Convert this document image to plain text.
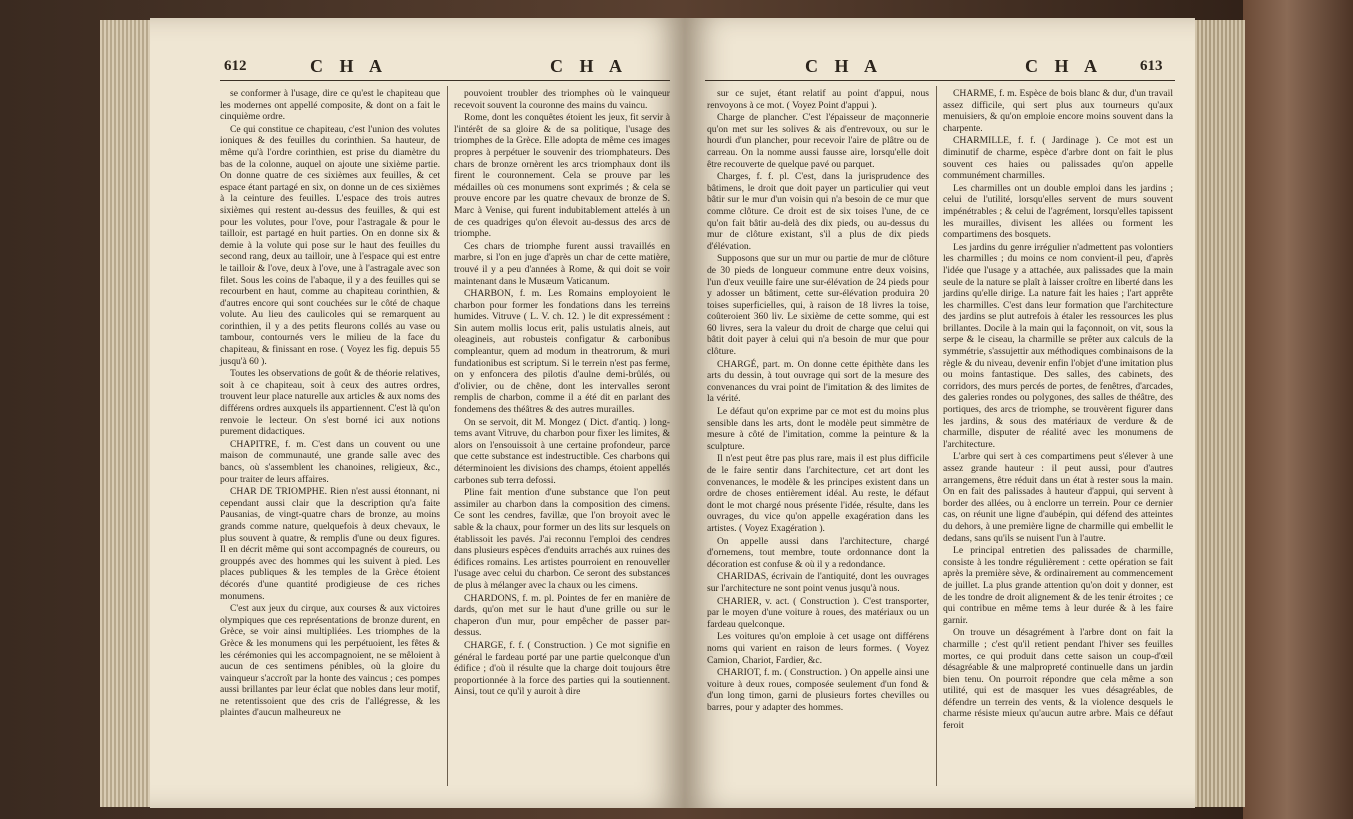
612	C H A	C H A

se conformer à l'usage, dire ce qu'est le chapiteau que les modernes ont appellé composite, & dont on a fait le cinquième ordre.

Ce qui constitue ce chapiteau, c'est l'union des volutes ioniques & des feuilles du corinthien. Sa hauteur, de même qu'à l'ordre corinthien, est prise du diamètre du bas de la colonne, auquel on ajoute une sixième partie. On donne quatre de ces sixièmes aux feuilles, & cet espace étant partagé en six, on donne un de ces sixièmes à la ceinture des feuilles. L'espace des trois autres sixièmes qui restent au-dessus des feuilles, & qui est pour les volutes, pour l'ove, pour l'astragale & pour le tailloir, est partagé en huit parties. On en donne six & demie à la volute qui pose sur le haut des feuilles du second rang, deux au tailloir, une à l'espace qui est entre le tailloir & l'ove, deux à l'ove, une à l'astragale avec son filet. Sous les coins de l'abaque, il y a des feuilles qui se recourbent en haut, comme au chapiteau corinthien, & d'autres encore qui sont couchées sur le côté de chaque volute. Au lieu des caulicoles qui se remarquent au corinthien, il y a des petits fleurons collés au vase ou tambour, contournés vers le milieu de la face du chapiteau, & finissant en rose. ( Voyez les fig. depuis 55 jusqu'à 60 ).

Toutes les observations de goût & de théorie relatives, soit à ce chapiteau, soit à ceux des autres ordres, trouvent leur place naturelle aux articles & aux noms des différens ordres auxquels ils appartiennent. C'est là qu'on renvoie le lecteur. On s'est borné ici aux notions purement didactiques.

CHAPITRE, f. m. C'est dans un couvent ou une maison de communauté, une grande salle avec des bancs, où s'assemblent les chanoines, religieux, &c., pour traiter de leurs affaires.

CHAR DE TRIOMPHE. Rien n'est aussi étonnant, ni cependant aussi clair que la description qu'a faite Pausanias, de vingt-quatre chars de bronze, au moins grands comme nature, quelquefois à deux chevaux, le plus souvent à quatre, & remplis d'une ou deux figures. Il en décrit même qui sont accompagnés de coureurs, ou grouppés avec des hommes qui les suivent à pied. Les places publiques & les temples de la Grèce étoient décorés d'une quantité prodigieuse de ces riches monumens.

C'est aux jeux du cirque, aux courses & aux victoires olympiques que ces représentations de bronze durent, en Grèce, se voir ainsi multipliées. Les triomphes de la Grèce & les monumens qui les perpétuoient, les fêtes & les cérémonies qui les accompagnoient, ne se mêloient à aucun de ces sentimens pénibles, où la gloire du vainqueur s'accroît par la honte des vaincus ; ces pompes aussi brillantes par leur éclat que nobles dans leur motif, ne retentissoient que des cris de l'allégresse, & les plaintes d'aucun malheureux ne

pouvoient troubler des triomphes où le vainqueur recevoit souvent la couronne des mains du vaincu.

Rome, dont les conquêtes étoient les jeux, fit servir à l'intérêt de sa gloire & de sa politique, l'usage des triomphes de la Grèce. Elle adopta de même ces images propres à perpétuer le souvenir des triomphateurs. Des chars de bronze ornèrent les arcs triomphaux dont ils firent le couronnement. Cela se prouve par les médailles où ces monumens sont exprimés ; & cela se prouve encore par les quatre chevaux de bronze de S. Marc à Venise, qui furent indubitablement attelés à un de ces quadriges qu'on élevoit au-dessus des arcs de triomphe.

Ces chars de triomphe furent aussi travaillés en marbre, si l'on en juge d'après un char de cette matière, trouvé il y a peu d'années à Rome, & qui doit se voir maintenant dans le Musæum Vaticanum.

CHARBON, f. m. Les Romains employoient le charbon pour former les fondations dans les terreins humides. Vitruve ( L. V. ch. 12. ) le dit expressément : Sin autem mollis locus erit, palis ustulatis alneis, aut oleagineis, aut robusteis configatur & carbonibus compleantur, quem ad modum in theatrorum, & muri fundationibus est scriptum. Si le terrein n'est pas ferme, on y enfoncera des pilotis d'aulne demi-brûlés, ou d'olivier, ou de chêne, dont les intervalles seront remplis de charbon, comme il a été dit en parlant des fondemens des théâtres & des autres murailles.

On se servoit, dit M. Mongez ( Dict. d'antiq. ) long-tems avant Vitruve, du charbon pour fixer les limites, & alors on l'ensouissoit à une certaine profondeur, parce que cette substance est indestructible. Ces charbons qui déterminoient les divisions des champs, étoient appellés carbones sub terra defossi.

Pline fait mention d'une substance que l'on peut assimiler au charbon dans la composition des cimens. Ce sont les cendres, favillæ, que l'on broyoit avec le sable & la chaux, pour former un des lits sur lesquels on établissoit les pavés. J'ai reconnu l'emploi des cendres dans plusieurs espèces d'enduits arrachés aux ruines des édifices romains. Les artistes pourroient en renouveller l'usage avec celui du charbon. Ce seront des substances de plus à mélanger avec la chaux ou les cimens.

CHARDONS, f. m. pl. Pointes de fer en manière de dards, qu'on met sur le haut d'une grille ou sur le chaperon d'un mur, pour empêcher de passer par-dessus.

CHARGE, f. f. ( Construction. ) Ce mot signifie en général le fardeau porté par une partie quelconque d'un édifice ; d'où il résulte que la charge doit toujours être proportionnée à la force des parties qui la soutiennent. Ainsi, tout ce qu'il y auroit à dire

C H A	C H A 613

sur ce sujet, étant relatif au point d'appui, nous renvoyons à ce mot. ( Voyez Point d'appui ).

Charge de plancher. C'est l'épaisseur de maçonnerie qu'on met sur les solives & ais d'entrevoux, ou sur le hourdi d'un plancher, pour recevoir l'aire de plâtre ou de carreau. On la nomme aussi fausse aire, lorsqu'elle doit être recouverte de quelque pavé ou parquet.

Charges, f. f. pl. C'est, dans la jurisprudence des bâtimens, le droit que doit payer un particulier qui veut bâtir sur le mur d'un voisin qui n'a besoin de ce mur que comme clôture. Ce droit est de six toises l'une, de ce qu'on fait bâtir au-delà des dix pieds, ou au-dessus du mur de clôture existant, s'il a plus de dix pieds d'élévation.

Supposons que sur un mur ou partie de mur de clôture de 30 pieds de longueur commune entre deux voisins, l'un d'eux veuille faire une sur-élévation de 24 pieds pour y adosser un bâtiment, cette sur-élévation produira 20 toises superficielles, qui, à raison de 18 livres la toise, coûteroient 360 liv. Le sixième de cette somme, qui est 60 livres, sera la valeur du droit de charge que celui qui bâtit doit payer à celui qui n'a besoin de mur que pour clôture.

CHARGÉ, part. m. On donne cette épithète dans les arts du dessin, à tout ouvrage qui sort de la mesure des convenances du vrai point de l'imitation & des limites de la vérité.

Le défaut qu'on exprime par ce mot est du moins plus sensible dans les arts, dont le modèle peut simmètre de mesure à côté de l'imitation, comme la peinture & la sculpture.

Il n'est peut être pas plus rare, mais il est plus difficile de le faire sentir dans l'architecture, cet art dont les convenances, le modèle & les principes existent dans un ordre de choses entièrement idéal. Au reste, le défaut dont le mot chargé nous présente l'idée, résulte, dans les ouvrages, du vice qu'on appelle exagération dans les artistes. ( Voyez Exagération ).

On appelle aussi dans l'architecture, chargé d'ornemens, tout membre, toute ordonnance dont la décoration est confuse & où il y a redondance.

CHARIDAS, écrivain de l'antiquité, dont les ouvrages sur l'architecture ne sont point venus jusqu'à nous.

CHARIER, v. act. ( Construction ). C'est transporter, par le moyen d'une voiture à roues, des matériaux ou un fardeau quelconque.

Les voitures qu'on emploie à cet usage ont différens noms qui varient en raison de leurs formes. ( Voyez Camion, Chariot, Fardier, &c.

CHARIOT, f. m. ( Construction. ) On appelle ainsi une voiture à deux roues, composée seulement d'un fond & d'un long timon, garni de plusieurs fortes chevilles ou barres, pour y adapter des hommes.

CHARME, f. m. Espèce de bois blanc & dur, d'un travail assez difficile, qui sert plus aux tourneurs qu'aux menuisiers, & qu'on emploie encore moins souvent dans la charpente.

CHARMILLE, f. f. ( Jardinage ). Ce mot est un diminutif de charme, espèce d'arbre dont on fait le plus souvent ces haies ou palissades qu'on appelle communément charmilles.

Les charmilles ont un double emploi dans les jardins ; celui de l'utilité, lorsqu'elles servent de murs souvent impénétrables ; & celui de l'agrément, lorsqu'elles tapissent les murailles, divisent les allées ou forment les compartimens des bosquets.

Les jardins du genre irrégulier n'admettent pas volontiers les charmilles ; du moins ce nom convient-il peu, d'après l'idée que l'usage y a attachée, aux palissades que la main seule de la nature se plaît à laisser croître en liberté dans les jardins qu'elle dirige. La nature fait les haies ; l'art apprête les charmilles. C'est dans leur formation que l'architecture des jardins se plut autrefois à étaler les ressources les plus brillantes. Docile à la main qui la façonnoit, on vit, sous la serpe & le ciseau, la charmille se prêter aux calculs de la symmétrie, s'assujettir aux méthodiques combinaisons de la règle & du niveau, devenir enfin l'objet d'une imitation plus ou moins fantastique. Des salles, des cabinets, des corridors, des murs percés de portes, de fenêtres, d'arcades, des galeries rondes ou polygones, des salles de théâtre, des portiques, des arcs de triomphe, se trouvèrent figurer dans les jardins, & sous des matériaux de verdure & de charmille, disputer de réalité avec les monumens de l'architecture.

L'arbre qui sert à ces compartimens peut s'élever à une assez grande hauteur : il peut aussi, pour d'autres arrangemens, être réduit dans un état à rester sous la main. On en fait des palissades à hauteur d'appui, qui servent à border des allées, ou à enclorre un terrein. Pour ce dernier cas, on réunit une ligne d'aubépin, qui défend des atteintes du dehors, à une première ligne de charmille qui embellit le dedans, sans qu'ils se nuisent l'un à l'autre.

Le principal entretien des palissades de charmille, consiste à les tondre régulièrement : cette opération se fait après la première sève, & ordinairement au commencement de juillet. La plus grande attention qu'on doit y donner, est de les tondre de droit alignement & de les tenir étroites ; ce qui contribue en même tems à leur durée & à les faire garnir.

On trouve un désagrément à l'arbre dont on fait la charmille ; c'est qu'il retient pendant l'hiver ses feuilles mortes, ce qui produit dans cette saison un coup-d'œil désagréable & une malpropreté continuelle dans un jardin bien tenu. On pourroit répondre que cela même a son utilité, qui est de masquer les vues désagréables, de défendre un terrein des vents, & la violence desquels le charme résiste mieux qu'aucun autre arbre. Mais ce défaut feroit
